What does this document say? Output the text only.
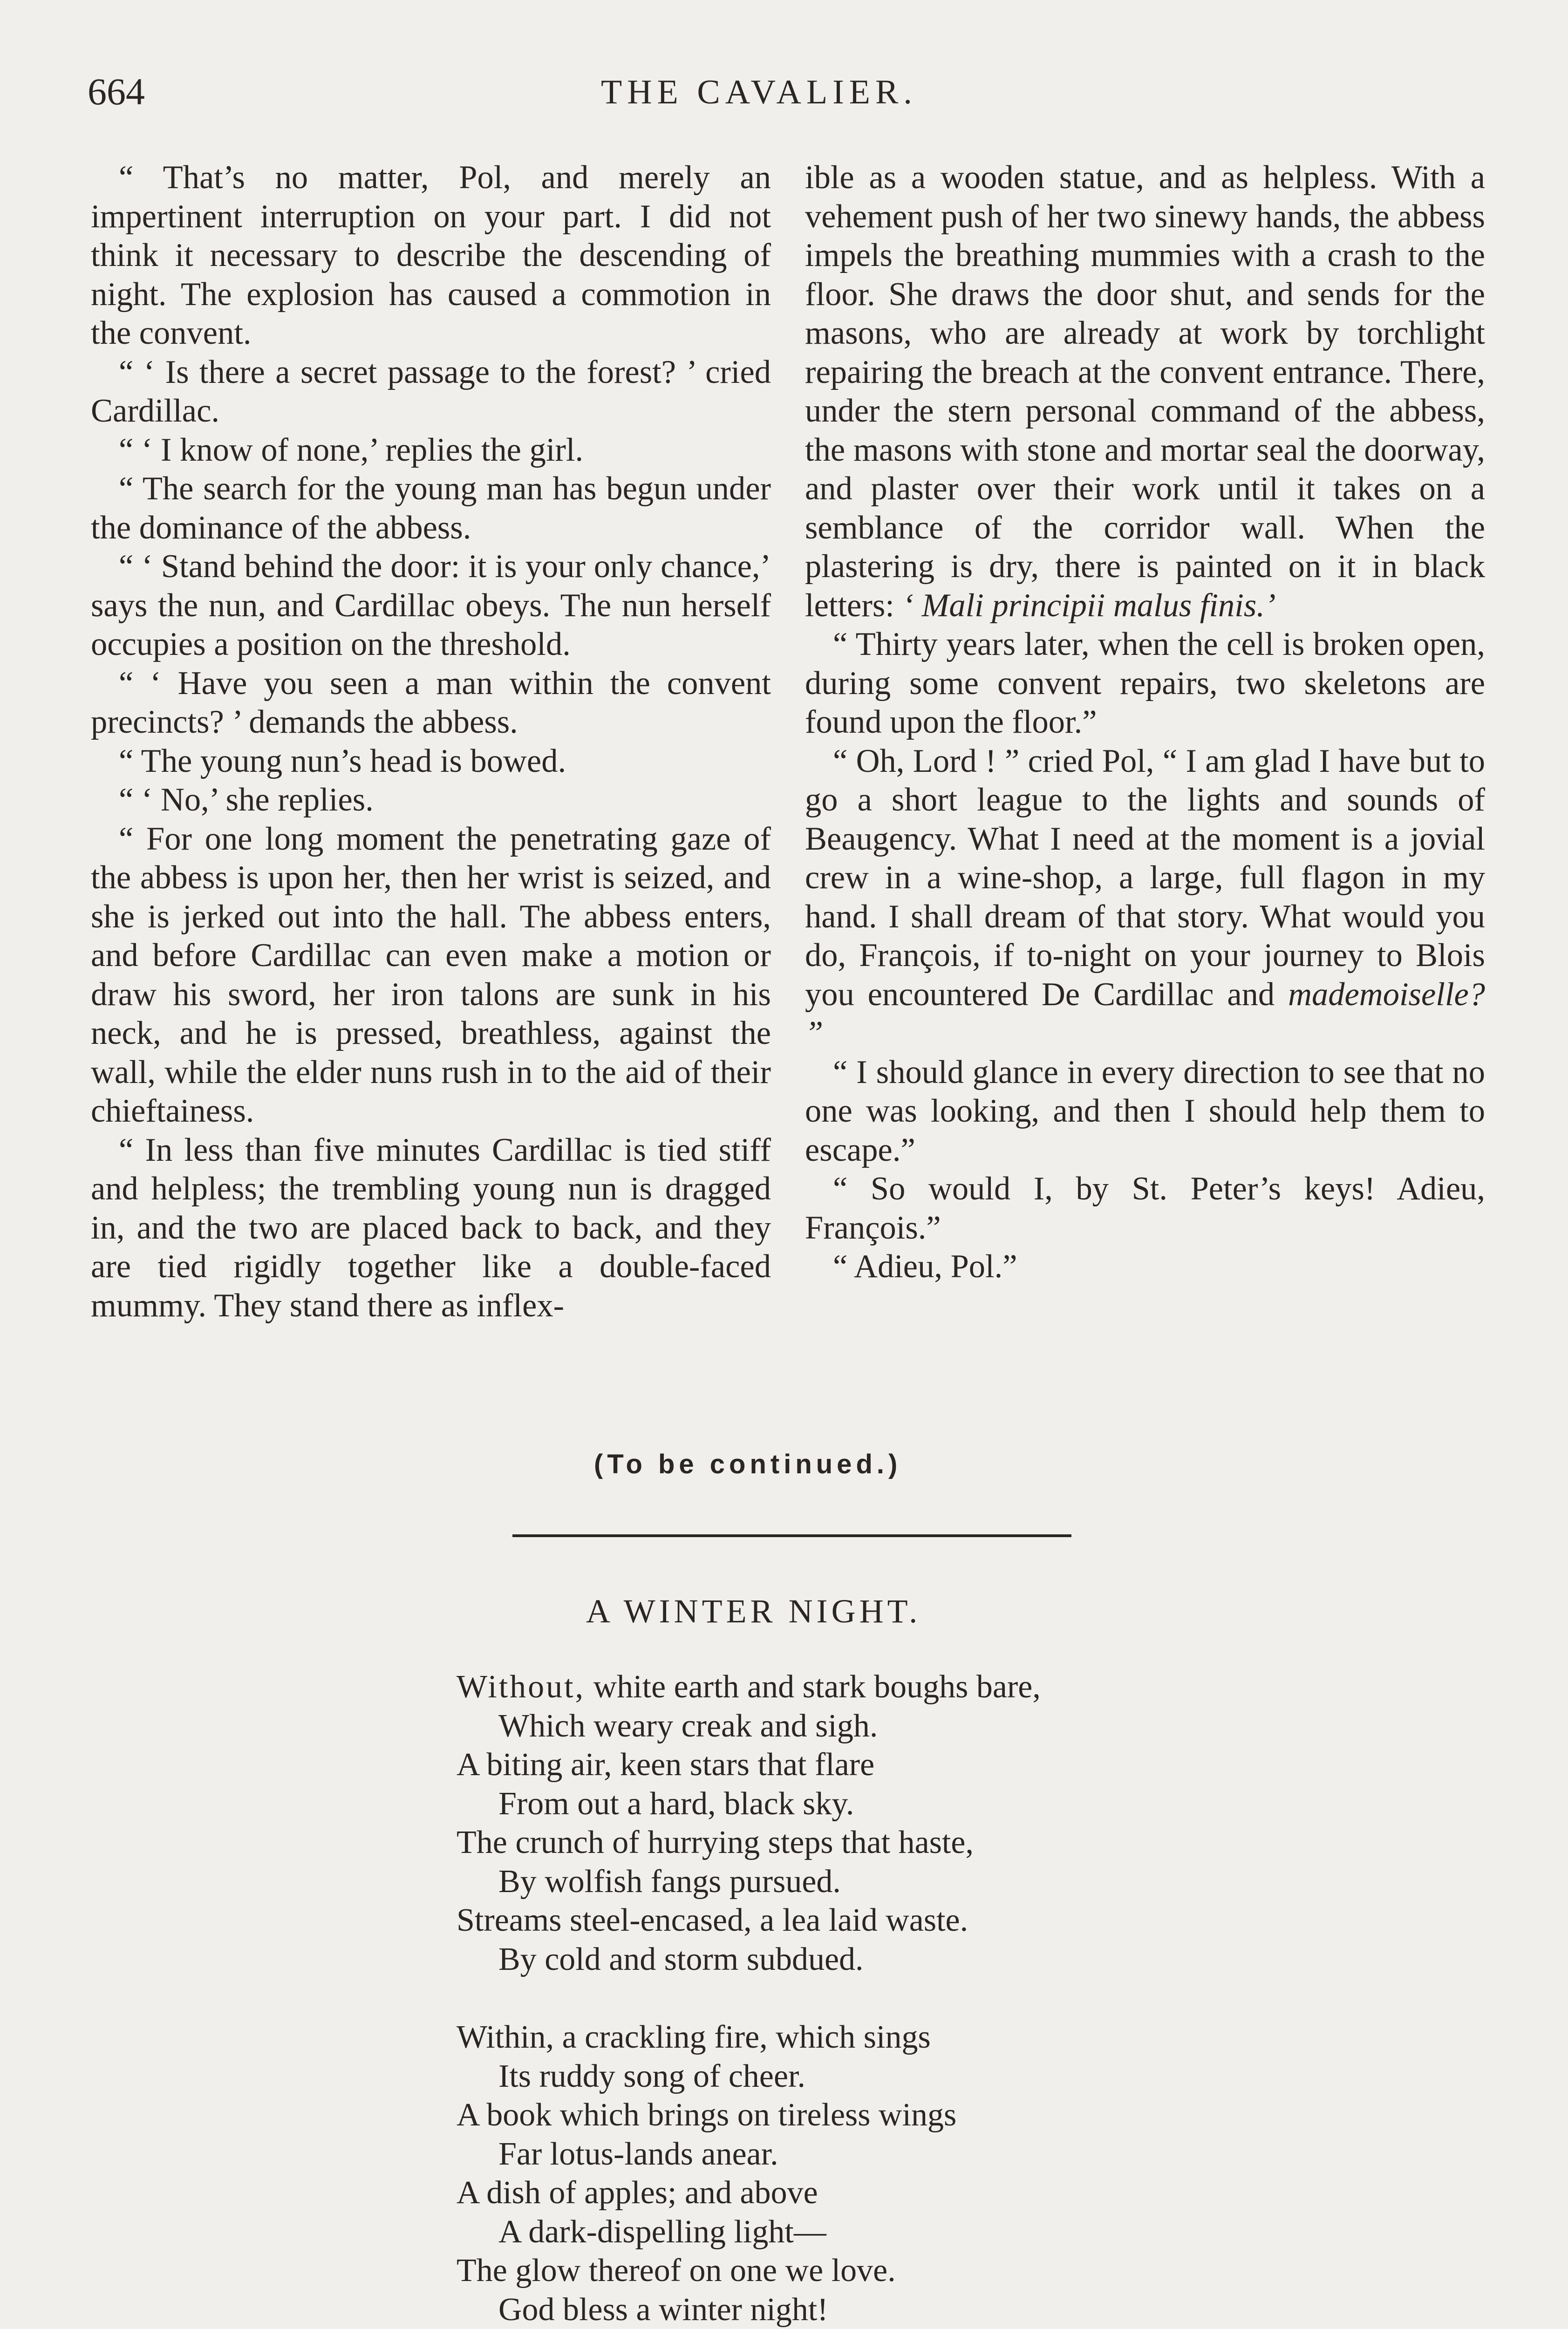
664	THE CAVALIER.

“ That’s no matter, Pol, and merely an impertinent interruption on your part. I did not think it necessary to describe the descending of night. The explosion has caused a commotion in the convent.

“ ‘ Is there a secret passage to the forest? ’ cried Cardillac.

“ ‘ I know of none,’ replies the girl.

“ The search for the young man has begun under the dominance of the abbess.

“ ‘ Stand behind the door: it is your only chance,’ says the nun, and Cardillac obeys. The nun herself occupies a position on the threshold.

“ ‘ Have you seen a man within the convent precincts? ’ demands the abbess.

“ The young nun’s head is bowed.

“ ‘ No,’ she replies.

“ For one long moment the penetrating gaze of the abbess is upon her, then her wrist is seized, and she is jerked out into the hall. The abbess enters, and before Cardillac can even make a motion or draw his sword, her iron talons are sunk in his neck, and he is pressed, breathless, against the wall, while the elder nuns rush in to the aid of their chieftainess.

“ In less than five minutes Cardillac is tied stiff and helpless; the trembling young nun is dragged in, and the two are placed back to back, and they are tied rigidly together like a double-faced mummy. They stand there as inflex-

ible as a wooden statue, and as helpless. With a vehement push of her two sinewy hands, the abbess impels the breathing mummies with a crash to the floor. She draws the door shut, and sends for the masons, who are already at work by torchlight repairing the breach at the convent entrance. There, under the stern personal command of the abbess, the masons with stone and mortar seal the doorway, and plaster over their work until it takes on a semblance of the corridor wall. When the plastering is dry, there is painted on it in black letters: ‘ Mali principii malus finis.’

“ Thirty years later, when the cell is broken open, during some convent repairs, two skeletons are found upon the floor.”

“ Oh, Lord ! ” cried Pol, “ I am glad I have but to go a short league to the lights and sounds of Beaugency. What I need at the moment is a jovial crew in a wine-shop, a large, full flagon in my hand. I shall dream of that story. What would you do, François, if to-night on your journey to Blois you encountered De Cardillac and mademoiselle? ”

“ I should glance in every direction to see that no one was looking, and then I should help them to escape.”

“ So would I, by St. Peter’s keys! Adieu, François.”

“ Adieu, Pol.”

(To be continued.)
A WINTER NIGHT.
Without, white earth and stark boughs bare,
Which weary creak and sigh.
A biting air, keen stars that flare
From out a hard, black sky.
The crunch of hurrying steps that haste,
By wolfish fangs pursued.
Streams steel-encased, a lea laid waste.
By cold and storm subdued.
Within, a crackling fire, which sings
Its ruddy song of cheer.
A book which brings on tireless wings
Far lotus-lands anear.
A dish of apples; and above
A dark-dispelling light—
The glow thereof on one we love.
God bless a winter night!
